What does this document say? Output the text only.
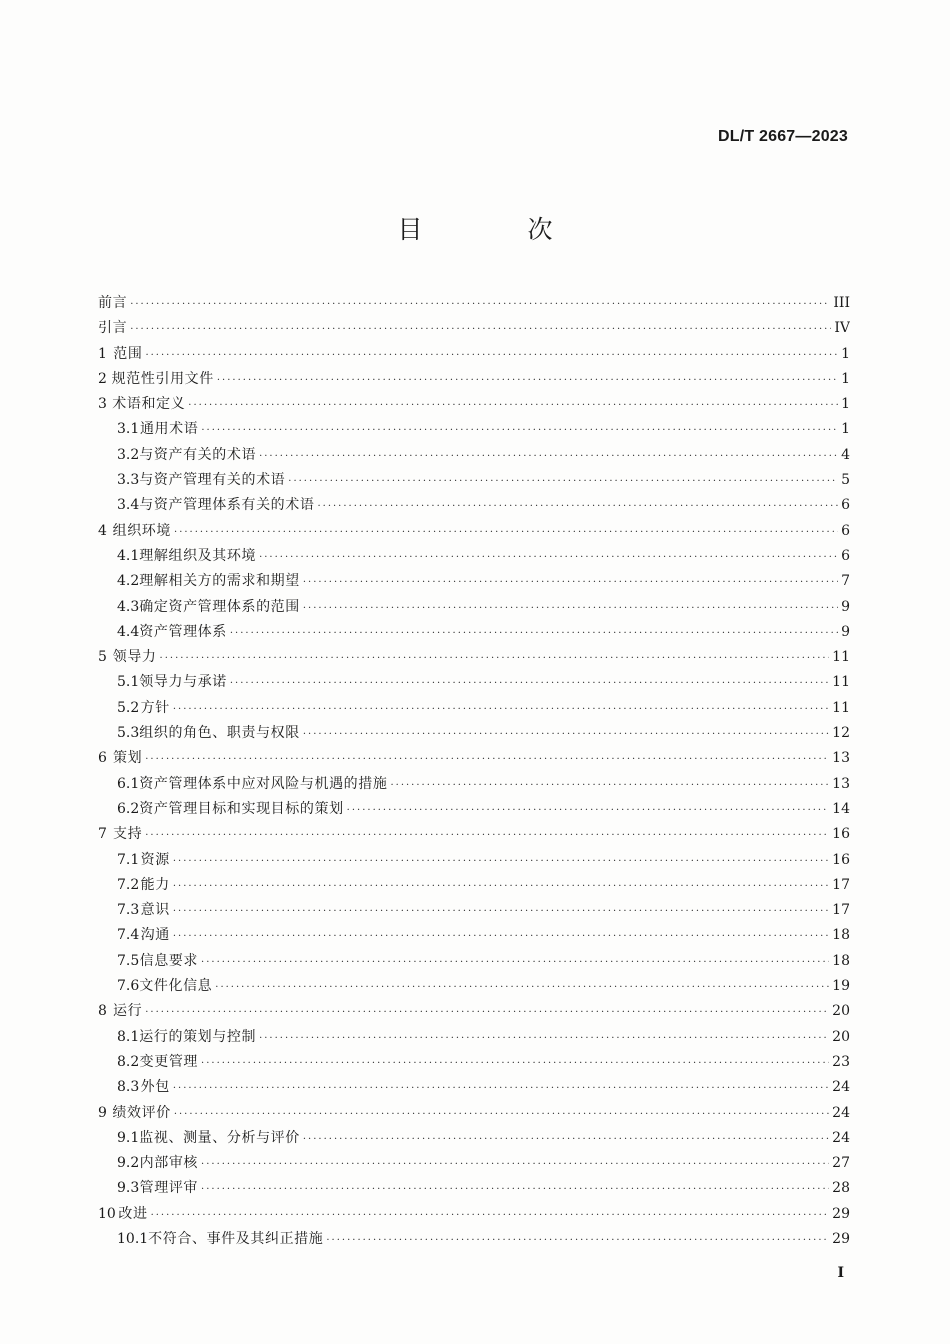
DL/T 2667—2023
目　次
前言 ·····	III
引言 ·····	IV
1 范围 ·····	1
2 规范性引用文件 ·····	1
3 术语和定义 ·····	1
3.1 通用术语 ·····	1
3.2 与资产有关的术语 ·····	4
3.3 与资产管理有关的术语 ·····	5
3.4 与资产管理体系有关的术语 ·····	6
4 组织环境 ·····	6
4.1 理解组织及其环境 ·····	6
4.2 理解相关方的需求和期望 ·····	7
4.3 确定资产管理体系的范围 ·····	9
4.4 资产管理体系 ·····	9
5 领导力 ·····	11
5.1 领导力与承诺 ·····	11
5.2 方针 ·····	11
5.3 组织的角色、职责与权限 ·····	12
6 策划 ·····	13
6.1 资产管理体系中应对风险与机遇的措施 ·····	13
6.2 资产管理目标和实现目标的策划 ·····	14
7 支持 ·····	16
7.1 资源 ·····	16
7.2 能力 ·····	17
7.3 意识 ·····	17
7.4 沟通 ·····	18
7.5 信息要求 ·····	18
7.6 文件化信息 ·····	19
8 运行 ·····	20
8.1 运行的策划与控制 ·····	20
8.2 变更管理 ·····	23
8.3 外包 ·····	24
9 绩效评价 ·····	24
9.1 监视、测量、分析与评价 ·····	24
9.2 内部审核 ·····	27
9.3 管理评审 ·····	28
10 改进 ·····	29
10.1 不符合、事件及其纠正措施 ·····	29
I
